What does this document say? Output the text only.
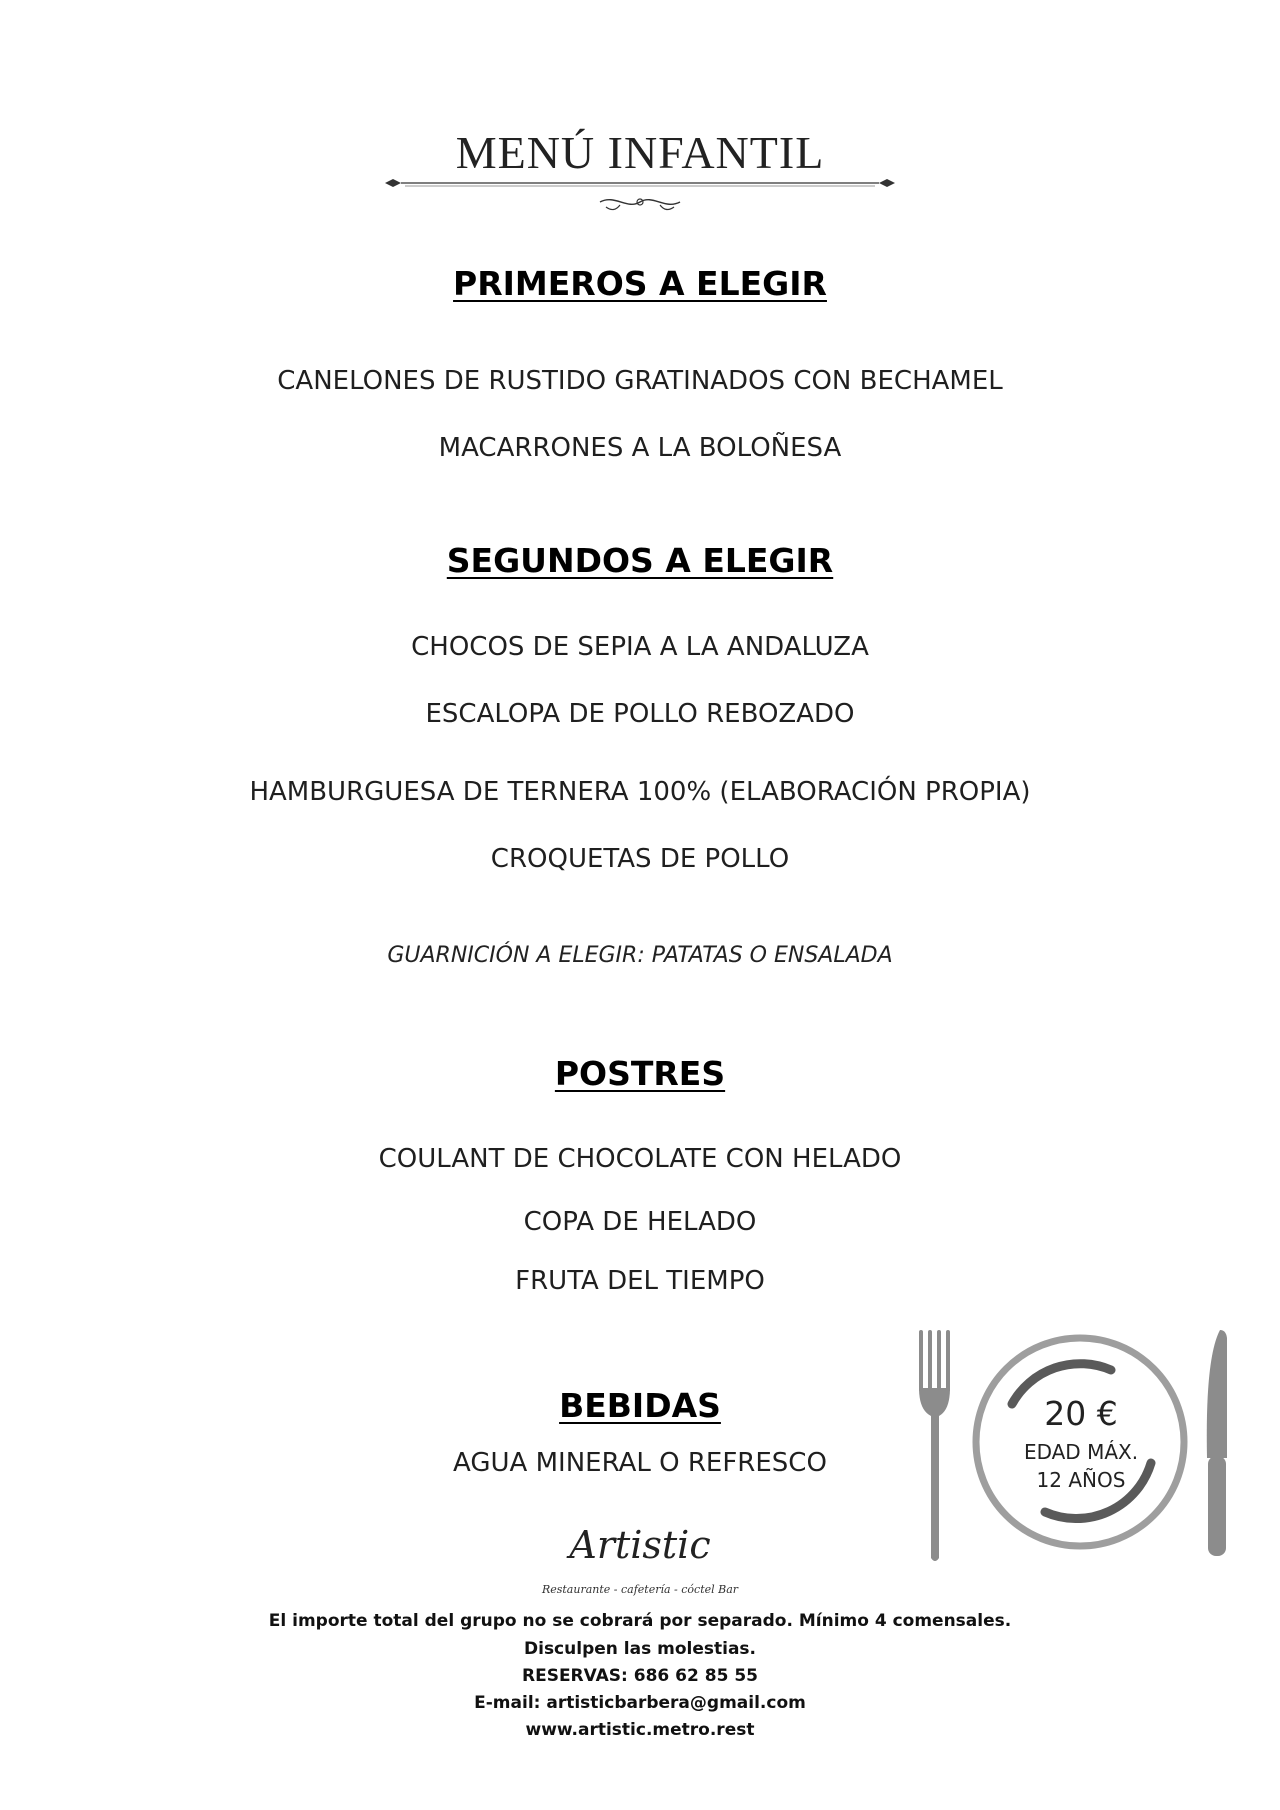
MENÚ INFANTIL
PRIMEROS A ELEGIR
CANELONES DE RUSTIDO GRATINADOS CON BECHAMEL
MACARRONES A LA BOLOÑESA
SEGUNDOS A ELEGIR
CHOCOS DE SEPIA A LA ANDALUZA
ESCALOPA DE POLLO REBOZADO
HAMBURGUESA DE TERNERA 100% (ELABORACIÓN PROPIA)
CROQUETAS DE POLLO
GUARNICIÓN A ELEGIR: PATATAS O ENSALADA
POSTRES
COULANT DE CHOCOLATE CON HELADO
COPA DE HELADO
FRUTA DEL TIEMPO
BEBIDAS
AGUA MINERAL O REFRESCO
20 €
EDAD MÁX.
12 AÑOS
Artistic
Restaurante - cafetería - cóctel Bar
El importe total del grupo no se cobrará por separado. Mínimo 4 comensales.
Disculpen las molestias.
RESERVAS: 686 62 85 55
E-mail: artisticbarbera@gmail.com
www.artistic.metro.rest
